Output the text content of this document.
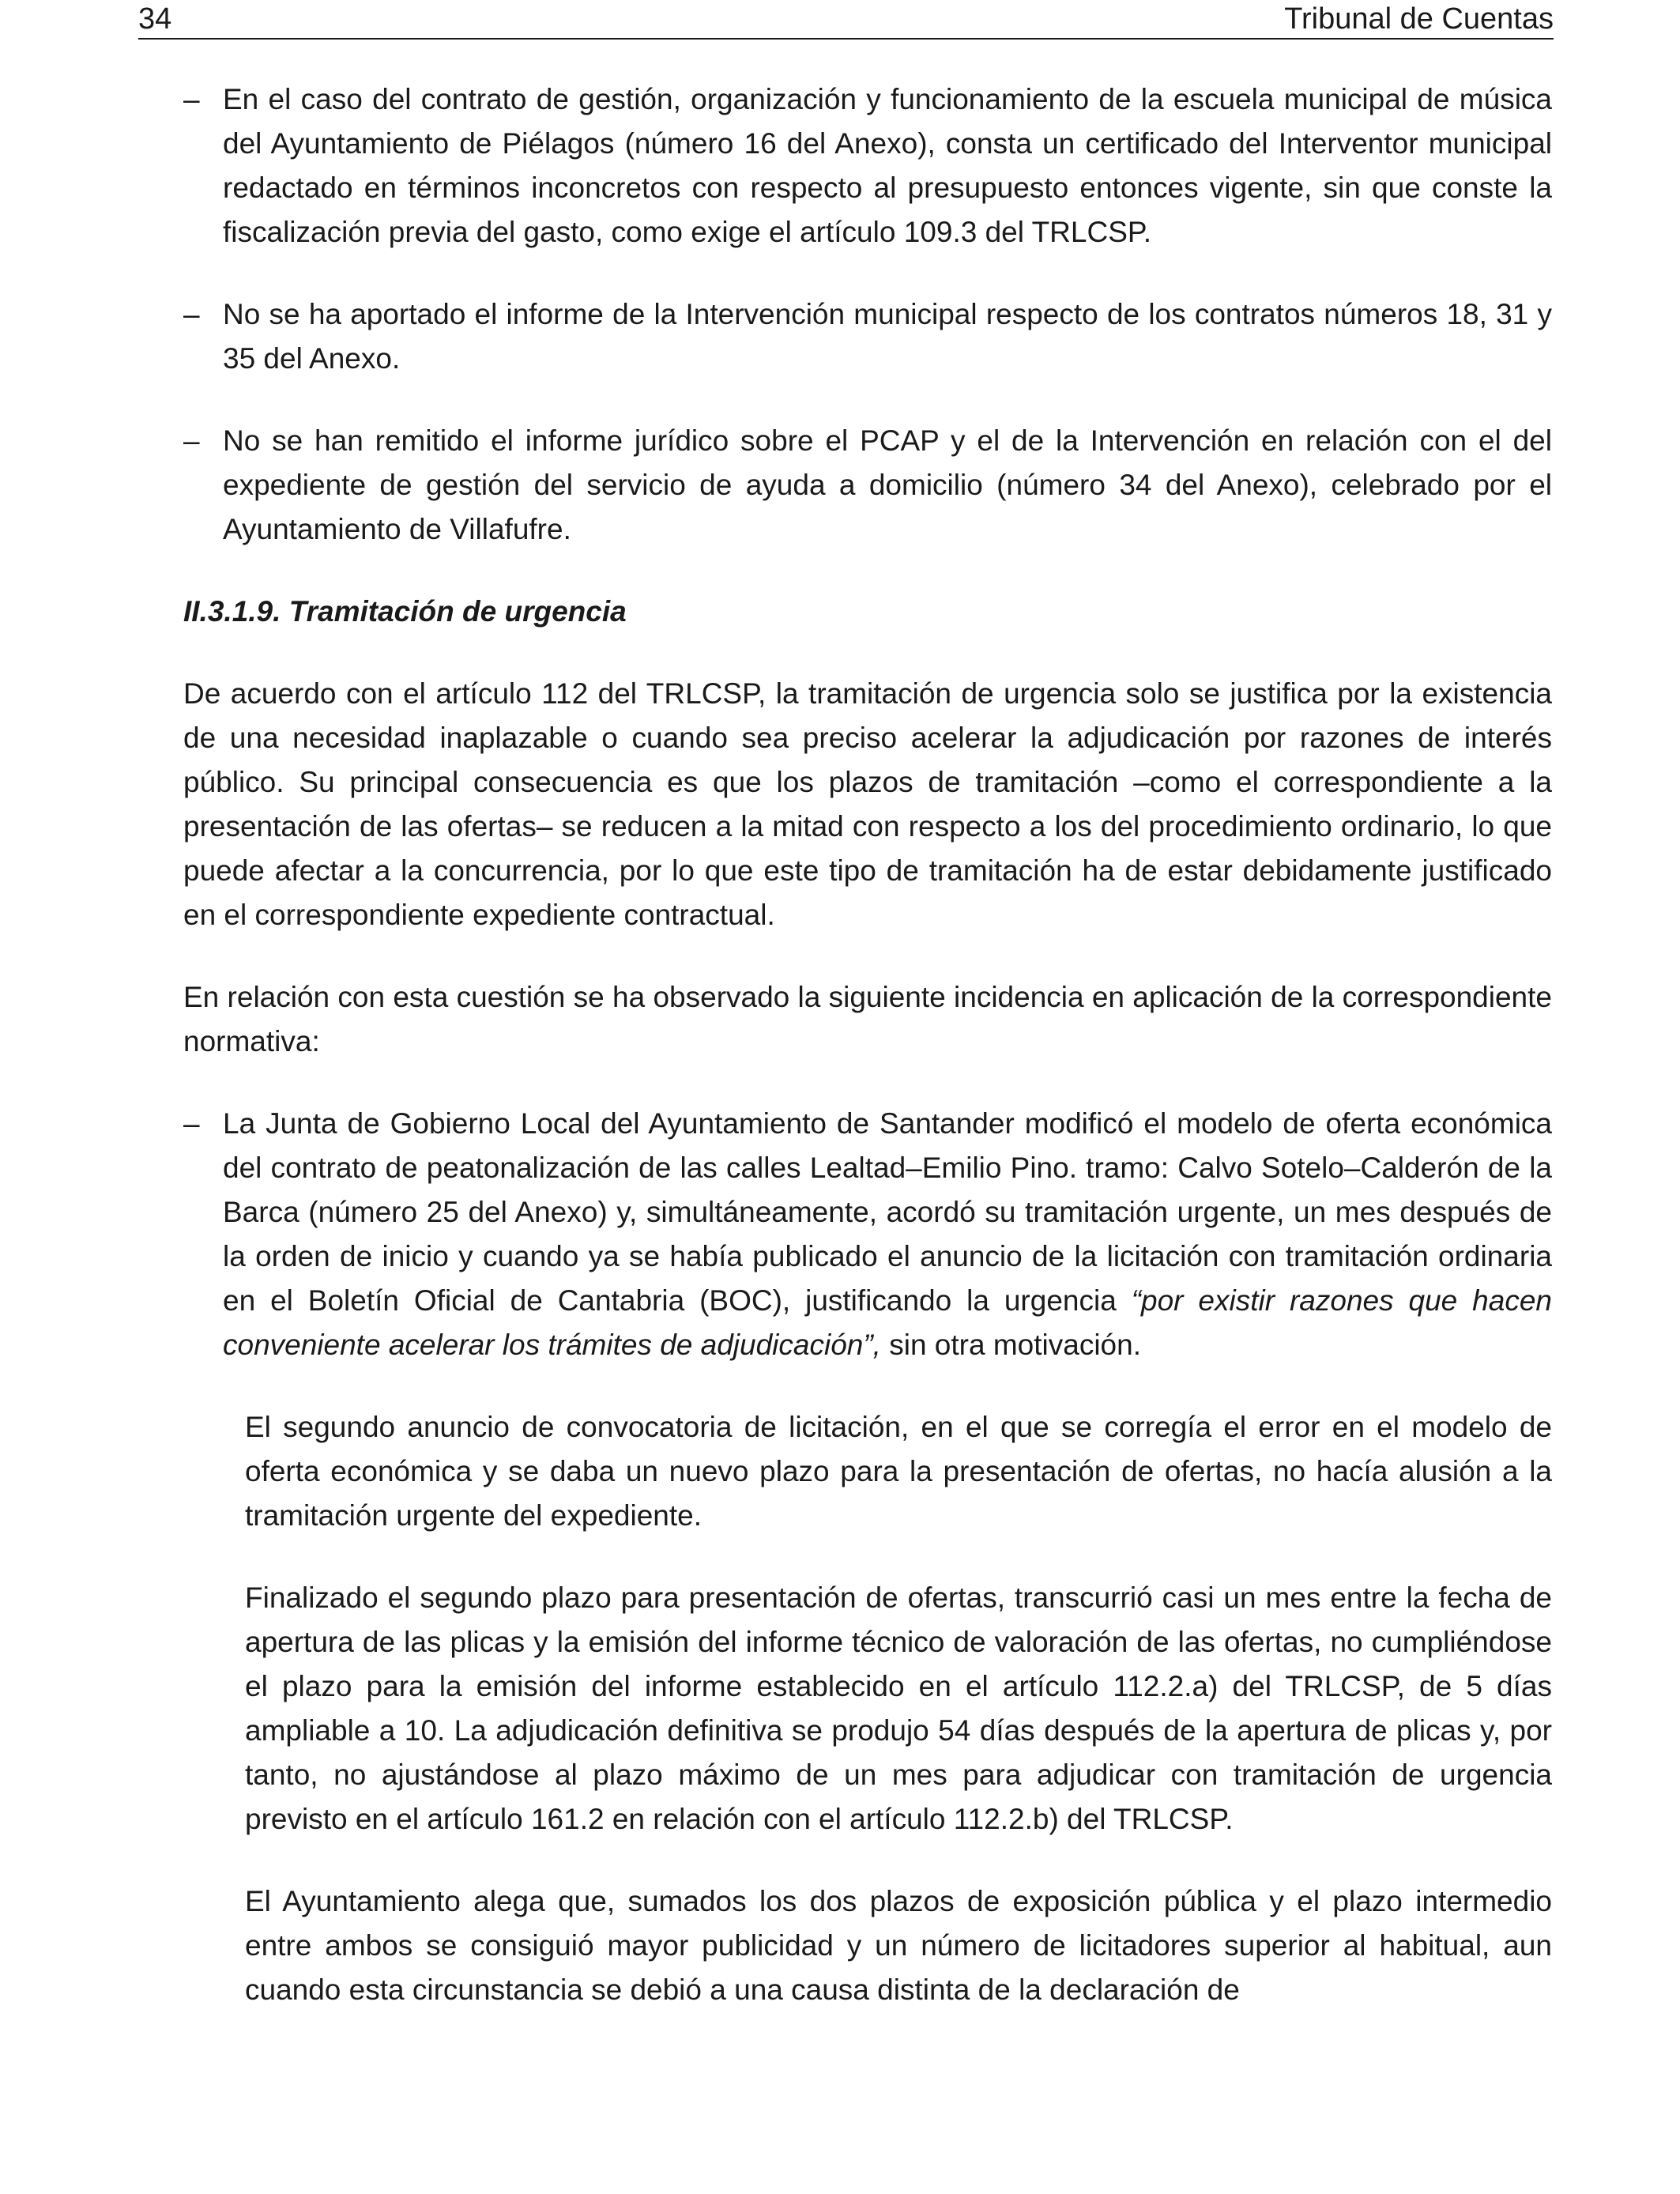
34	Tribunal de Cuentas
– En el caso del contrato de gestión, organización y funcionamiento de la escuela municipal de música del Ayuntamiento de Piélagos (número 16 del Anexo), consta un certificado del Interventor municipal redactado en términos inconcretos con respecto al presupuesto entonces vigente, sin que conste la fiscalización previa del gasto, como exige el artículo 109.3 del TRLCSP.
– No se ha aportado el informe de la Intervención municipal respecto de los contratos números 18, 31 y 35 del Anexo.
– No se han remitido el informe jurídico sobre el PCAP y el de la Intervención en relación con el del expediente de gestión del servicio de ayuda a domicilio (número 34 del Anexo), celebrado por el Ayuntamiento de Villafufre.
II.3.1.9. Tramitación de urgencia

De acuerdo con el artículo 112 del TRLCSP, la tramitación de urgencia solo se justifica por la existencia de una necesidad inaplazable o cuando sea preciso acelerar la adjudicación por razones de interés público. Su principal consecuencia es que los plazos de tramitación –como el correspondiente a la presentación de las ofertas– se reducen a la mitad con respecto a los del procedimiento ordinario, lo que puede afectar a la concurrencia, por lo que este tipo de tramitación ha de estar debidamente justificado en el correspondiente expediente contractual.

En relación con esta cuestión se ha observado la siguiente incidencia en aplicación de la correspondiente normativa:

– La Junta de Gobierno Local del Ayuntamiento de Santander modificó el modelo de oferta económica del contrato de peatonalización de las calles Lealtad–Emilio Pino. tramo: Calvo Sotelo–Calderón de la Barca (número 25 del Anexo) y, simultáneamente, acordó su tramitación urgente, un mes después de la orden de inicio y cuando ya se había publicado el anuncio de la licitación con tramitación ordinaria en el Boletín Oficial de Cantabria (BOC), justificando la urgencia “por existir razones que hacen conveniente acelerar los trámites de adjudicación”, sin otra motivación.

El segundo anuncio de convocatoria de licitación, en el que se corregía el error en el modelo de oferta económica y se daba un nuevo plazo para la presentación de ofertas, no hacía alusión a la tramitación urgente del expediente.

Finalizado el segundo plazo para presentación de ofertas, transcurrió casi un mes entre la fecha de apertura de las plicas y la emisión del informe técnico de valoración de las ofertas, no cumpliéndose el plazo para la emisión del informe establecido en el artículo 112.2.a) del TRLCSP, de 5 días ampliable a 10. La adjudicación definitiva se produjo 54 días después de la apertura de plicas y, por tanto, no ajustándose al plazo máximo de un mes para adjudicar con tramitación de urgencia previsto en el artículo 161.2 en relación con el artículo 112.2.b) del TRLCSP.

El Ayuntamiento alega que, sumados los dos plazos de exposición pública y el plazo intermedio entre ambos se consiguió mayor publicidad y un número de licitadores superior al habitual, aun cuando esta circunstancia se debió a una causa distinta de la declaración de
